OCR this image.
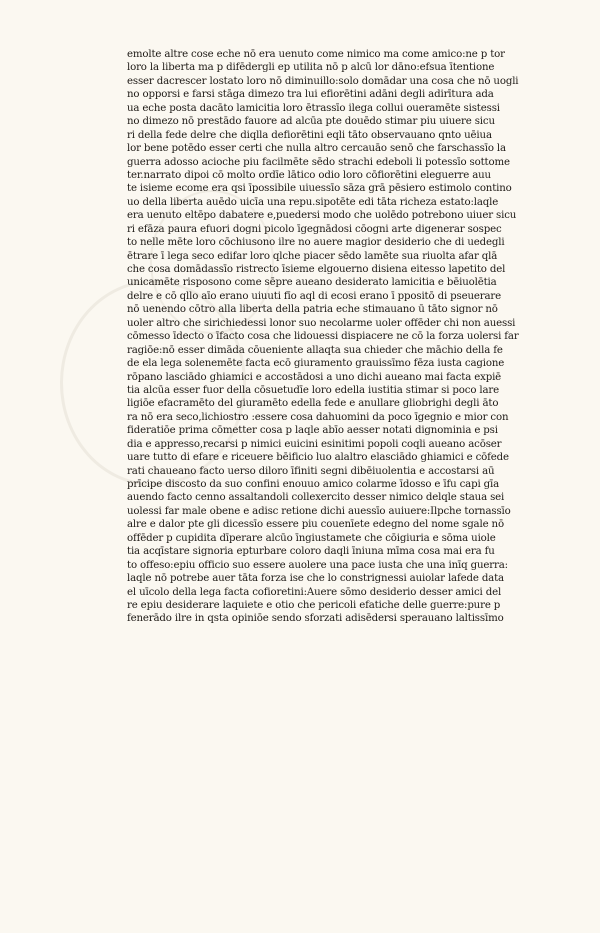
emolte altre cose eche nō era uenuto come nimico ma come amico:ne p tor
loro la liberta ma p difēdergli ep utilita nō p alcū lor dāno:efsua ītentione
esser dacrescer lostato loro nō diminuillo:solo domādar una cosa che nō uogli
no opporsi e farsi stāga dimezo tra lui efiorētini adāni degli adirītura ada
ua eche posta dacāto lamicitia loro ētrassīo ilega collui oueramēte sistessi
no dimezo nō prestādo fauore ad alcūa pte douēdo stimar piu uiuere sicu
ri della fede delre che diqlla defiorētini eqli tāto observauano qnto uēiua
lor bene potēdo esser certi che nulla altro cercauāo senō che farschassīo la
guerra adosso acioche piu facilmēte sēdo strachi edeboli li potessīo sottome
ter.narrato dipoi cō molto ordīe lātico odio loro cōfiorētini eleguerre auu
te isieme ecome era qsi īpossibile uiuessīo sāza grā pēsiero estimolo contino
uo della liberta auēdo uicīa una repu.sipotēte edi tāta richeza estato:laqle
era uenuto eltēpo dabatere e,puedersi modo che uolēdo potrebono uiuer sicu
ri efāza paura efuori dogni picolo īgegnādosi cōogni arte digenerar sospec
to nelle mēte loro cōchiusono ilre no auere magior desiderio che di uedegli
ētrare ī lega seco edifar loro qlche piacer sēdo lamēte sua riuolta afar qlā
che cosa domādassīo ristrecto īsieme elgouerno disiena eitesso lapetito del
unicamēte risposono come sēpre aueano desiderato lamicitia e bēiuolētia
delre e cō qllo aīo erano uiuuti fīo aql di ecosi erano ī ppositō di pseuerare
nō uenendo cōtro alla liberta della patria eche stimauano ū tāto signor nō
uoler altro che sirichiedessi lonor suo necolarme uoler offēder chi non auessi
cōmesso īdecto o īfacto cosa che lidouessi dispiacere ne cō la forza uolersi far
ragiōe:nō esser dimāda cōueniente allaqta sua chieder che māchio della fe
de ela lega solenemēte facta ecō giuramento grauissīmo fēza iusta cagione
rōpano lasciādo ghiamici e accostādosi a uno dichi aueano mai facta expiē
tia alcūa esser fuor della cōsuetudīe loro edella iustitia stimar si poco lare
ligiōe efacramēto del giuramēto edella fede e anullare gliobrighi degli āto
ra nō era seco,lichiostro :essere cosa dahuomini da poco īgegnio e mior con
fideratiōe prima cōmetter cosa p laqle abīo aesser notati dignominia e psi
dia e appresso,recarsi p nimici euicini esinitimi popoli coqli aueano acōser
uare tutto di efare e riceuere bēificio luo alaltro elasciādo ghiamici e cōfede
rati chaueano facto uerso diloro īfiniti segni dibēiuolentia e accostarsi aū
prīcipe discosto da suo confini enouuo amico colarme īdosso e īfu capi gīa
auendo facto cenno assaltandoli collexercito desser nimico delqle staua sei
uolessi far male obene e adisc retione dichi auessīo auiuere:Ilpche tornassīo
alre e dalor pte gli dicessīo essere piu couenīete edegno del nome sgale nō
offēder p cupidita dīperare alcūo īngiustamete che cōigiuria e sōma uiole
tia acqīstare signoria epturbare coloro daqli īniuna mīma cosa mai era fu
to offeso:epiu officio suo essere auolere una pace iusta che una inīq guerra:
laqle nō potrebe auer tāta forza ise che lo constrignessi auiolar lafede data
el uīcolo della lega facta cofioretini:Auere sōmo desiderio desser amici del
re epiu desiderare laquiete e otio che pericoli efatiche delle guerre:pure p
fenerādo ilre in qsta opiniōe sendo sforzati adisēdersi sperauano laltissīmo
